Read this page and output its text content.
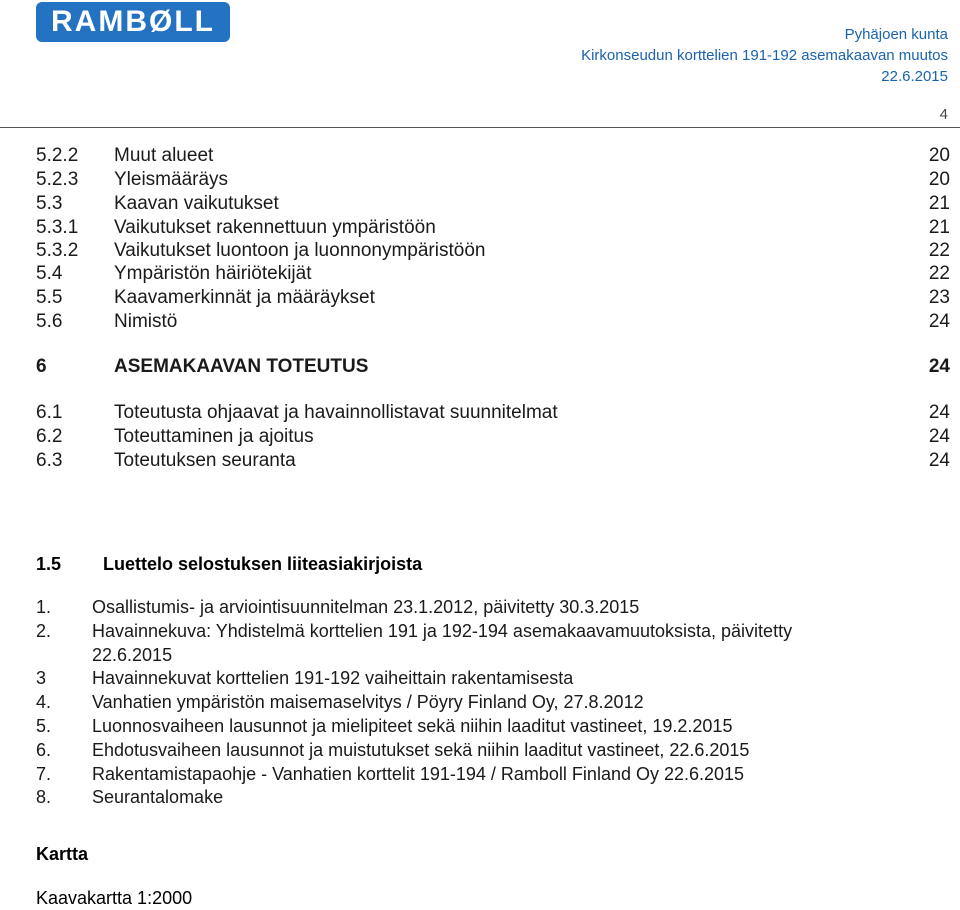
RAMBØLL	Pyhäjoen kunta
Kirkonseudun korttelien 191-192 asemakaavan muutos
22.6.2015
4
5.2.2 Muut alueet	20
5.2.3 Yleismääräys	20
5.3	Kaavan vaikutukset	21
5.3.1 Vaikutukset rakennettuun ympäristöön	21
5.3.2 Vaikutukset luontoon ja luonnonympäristöön	22
5.4	Ympäristön häiriötekijät	22
5.5	Kaavamerkinnät ja määräykset	23
5.6	Nimistö	24
6	ASEMAKAAVAN TOTEUTUS	24
6.1	Toteutusta ohjaavat ja havainnollistavat suunnitelmat	24
6.2	Toteuttaminen ja ajoitus	24
6.3	Toteutuksen seuranta	24
1.5 Luettelo selostuksen liiteasiakirjoista
1. Osallistumis- ja arviointisuunnitelman 23.1.2012, päivitetty 30.3.2015
2. Havainnekuva: Yhdistelmä korttelien 191 ja 192-194 asemakaavamuutoksista, päivitetty
22.6.2015
3	Havainnekuvat korttelien 191-192 vaiheittain rakentamisesta
4. Vanhatien ympäristön maisemaselvitys / Pöyry Finland Oy, 27.8.2012
5. Luonnosvaiheen lausunnot ja mielipiteet sekä niihin laaditut vastineet, 19.2.2015
6. Ehdotusvaiheen lausunnot ja muistutukset sekä niihin laaditut vastineet, 22.6.2015
7. Rakentamistapaohje - Vanhatien korttelit 191-194 / Ramboll Finland Oy 22.6.2015
8. Seurantalomake
Kartta
Kaavakartta 1:2000
